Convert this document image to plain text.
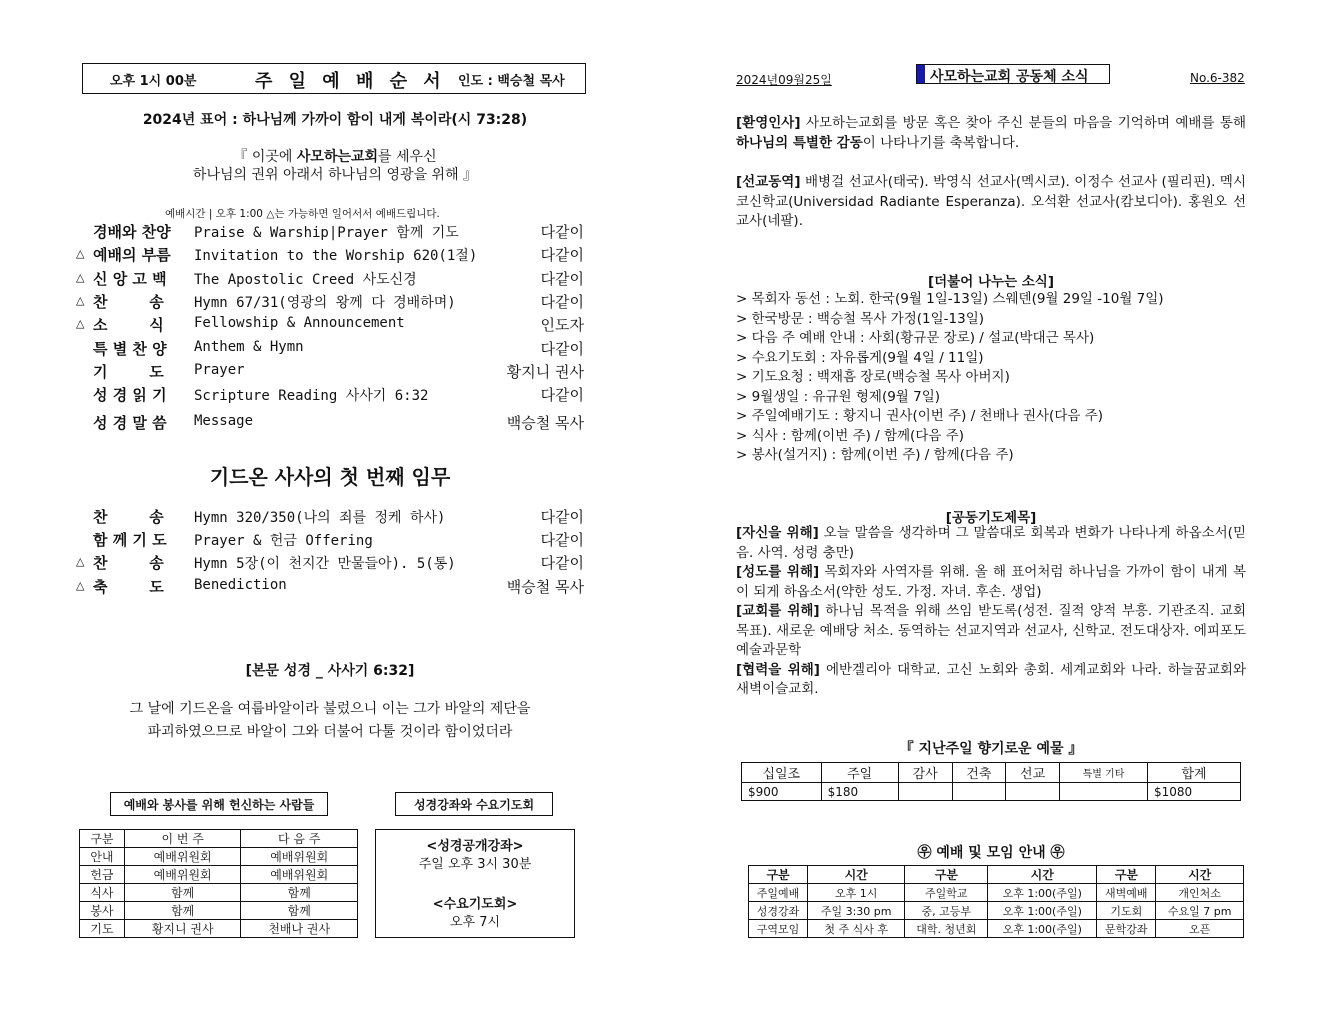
오후 1시 00분	주 일 예 배 순 서 인도 : 백승철 목사
2024년 표어 : 하나님께 가까이 함이 내게 복이라(시 73:28)
『 이곳에 사모하는교회를 세우신
하나님의 권위 아래서 하나님의 영광을 위해 』
예배시간 | 오후 1:00 △는 가능하면 일어서서 예배드립니다.
경배와 찬양	Praise & Warship|Prayer 함께 기도	다같이
△ 예배의 부름	Invitation to the Worship 620(1절)	다같이
△ 신 앙 고 백	The Apostolic Creed 사도신경	다같이
△ 찬        송	Hymn 67/31(영광의 왕께 다 경배하며)	다같이
△ 소        식	Fellowship & Announcement	인도자
특 별 찬 양	Anthem & Hymn	다같이
기        도	Prayer	황지니 권사
성 경 읽 기	Scripture Reading 사사기 6:32	다같이
성 경 말 씀	Message	백승철 목사
기드온 사사의 첫 번째 임무
찬        송	Hymn 320/350(나의 죄를 정케 하사)	다같이
함 께 기 도	Prayer & 헌금 Offering	다같이
△ 찬        송	Hymn 5장(이 천지간 만물들아). 5(통)	다같이
△ 축        도	Benediction	백승철 목사
[본문 성경 _ 사사기 6:32]
그 날에 기드온을 여룹바알이라 불렀으니 이는 그가 바알의 제단을
파괴하였으므로 바알이 그와 더불어 다툴 것이라 함이었더라
예배와 봉사를 위해 헌신하는 사람들
구분	이 번 주	다 음 주
안내	예배위원회	예배위원회
헌금	예배위원회	예배위원회
식사	함께	함께
봉사	함께	함께
기도	황지니 권사	천배나 권사
성경강좌와 수요기도회
<성경공개강좌>
주일 오후 3시 30분
<수요기도회>
오후 7시
2024년09월25일	사모하는교회 공동체 소식	No.6-382
[환영인사] 사모하는교회를 방문 혹은 찾아 주신 분들의 마음을 기억하며 예배를 통해 하나님의 특별한 감동이 나타나기를 축복합니다.
[선교동역] 배병걸 선교사(태국). 박영식 선교사(멕시코). 이정수 선교사 (필리핀). 멕시코신학교(Universidad Radiante Esperanza). 오석환 선교사(캄보디아). 홍원오 선교사(네팔).
[더불어 나누는 소식]
> 목회자 동선 : 노회. 한국(9월 1일-13일) 스웨덴(9월 29일 -10월 7일)
> 한국방문 : 백승철 목사 가정(1일-13일)
> 다음 주 예배 안내 : 사회(황규문 장로) / 설교(박대근 목사)
> 수요기도회 : 자유롭게(9월 4일 / 11일)
> 기도요청 : 백재흠 장로(백승철 목사 아버지)
> 9월생일 : 유규원 형제(9월 7일)
> 주일예배기도 : 황지니 권사(이번 주) / 천배나 권사(다음 주)
> 식사 : 함께(이번 주) / 함께(다음 주)
> 봉사(설거지) : 함께(이번 주) / 함께(다음 주)
[공동기도제목]
[자신을 위해] 오늘 말씀을 생각하며 그 말씀대로 회복과 변화가 나타나게 하옵소서(믿음. 사역. 성령 충만)
[성도를 위해] 목회자와 사역자를 위해. 올 해 표어처럼 하나님을 가까이 함이 내게 복이 되게 하옵소서(약한 성도. 가정. 자녀. 후손. 생업)
[교회를 위해] 하나님 목적을 위해 쓰임 받도록(성전. 질적 양적 부흥. 기관조직. 교회 목표). 새로운 예배당 처소. 동역하는 선교지역과 선교사, 신학교. 전도대상자. 에피포도예술과문학
[협력을 위해] 에반겔리아 대학교. 고신 노회와 총회. 세계교회와 나라. 하늘꿈교회와 새벽이슬교회.
『 지난주일 향기로운 예물 』
십일조	주일	감사	건축	선교	특별 기타	합계
$900	$180					$1080
㉾ 예배 및 모임 안내 ㉾
구분	시간	구분	시간	구분	시간
주일예배	오후 1시	주일학교	오후 1:00(주일)	새벽예배	개인처소
성경강좌	주일 3:30 pm	중, 고등부	오후 1:00(주일)	기도회	수요일 7 pm
구역모임	첫 주 식사 후	대학. 청년회	오후 1:00(주일)	문학강좌	오픈
